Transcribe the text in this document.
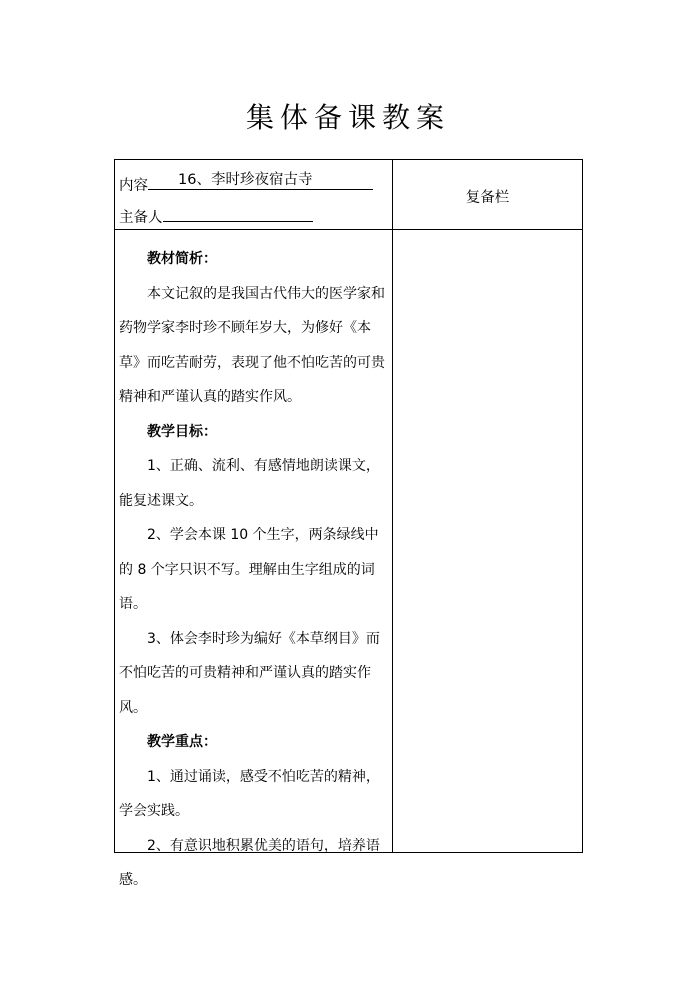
集体备课教案
内容 16、李时珍夜宿古寺
主备人
复备栏

教材简析：

本文记叙的是我国古代伟大的医学家和药物学家李时珍不顾年岁大，为修好《本草》而吃苦耐劳，表现了他不怕吃苦的可贵精神和严谨认真的踏实作风。

教学目标：

1、正确、流利、有感情地朗读课文，能复述课文。

2、学会本课 10 个生字，两条绿线中的 8 个字只识不写。理解由生字组成的词语。

3、体会李时珍为编好《本草纲目》而不怕吃苦的可贵精神和严谨认真的踏实作风。

教学重点：

1、通过诵读，感受不怕吃苦的精神，学会实践。

2、有意识地积累优美的语句，培养语感。
